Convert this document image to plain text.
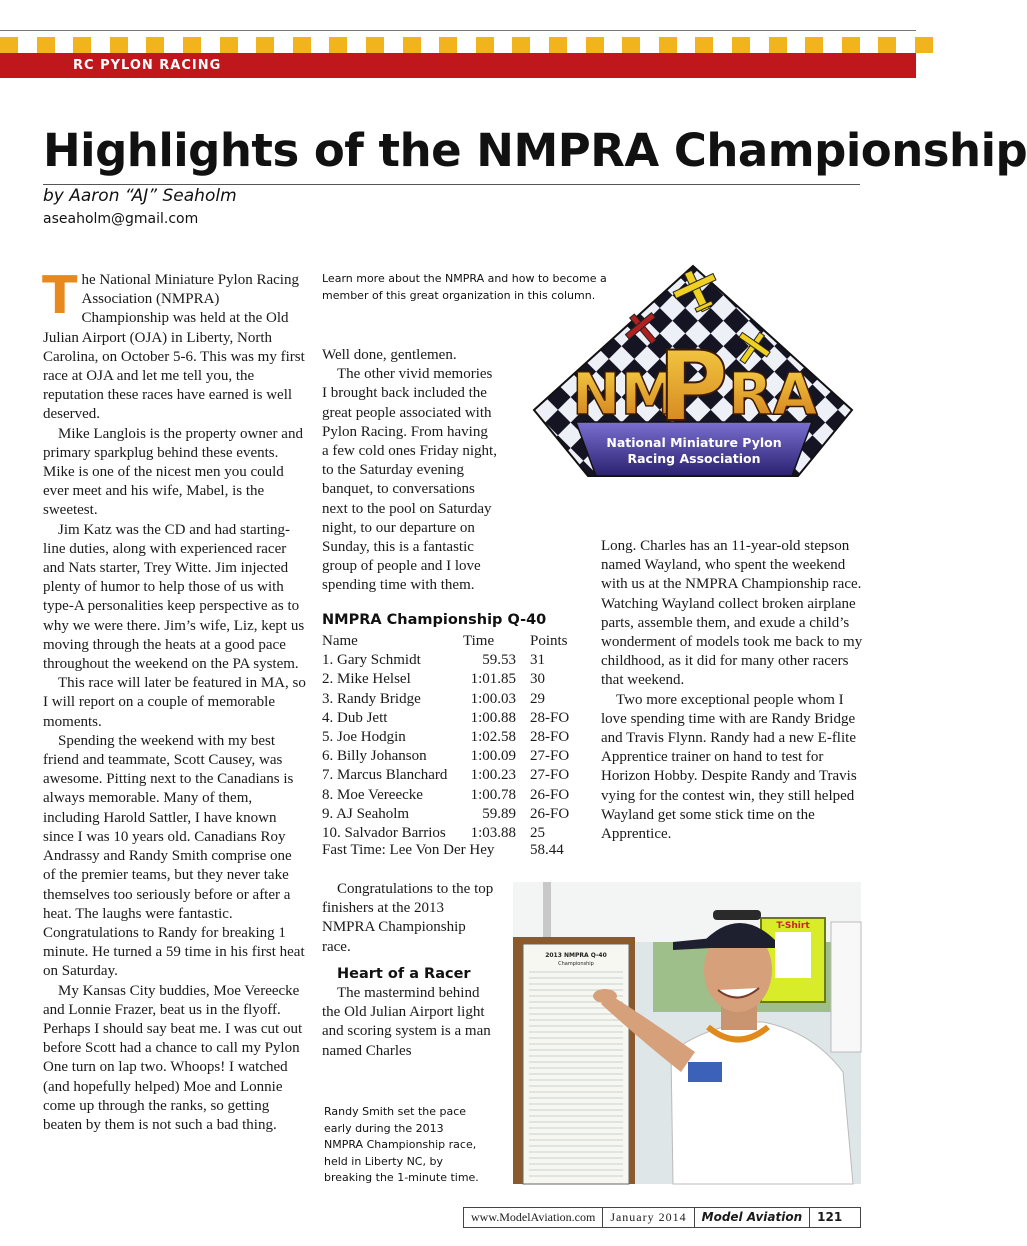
RC PYLON RACING
Highlights of the NMPRA Championship
by Aaron “AJ” Seaholm
aseaholm@gmail.com

The National Miniature Pylon Racing Association (NMPRA) Championship was held at the Old Julian Airport (OJA) in Liberty, North Carolina, on October 5-6. This was my first race at OJA and let me tell you, the reputation these races have earned is well deserved.

Mike Langlois is the property owner and primary sparkplug behind these events. Mike is one of the nicest men you could ever meet and his wife, Mabel, is the sweetest.

Jim Katz was the CD and had starting-line duties, along with experienced racer and Nats starter, Trey Witte. Jim injected plenty of humor to help those of us with type-A personalities keep perspective as to why we were there. Jim’s wife, Liz, kept us moving through the heats at a good pace throughout the weekend on the PA system.

This race will later be featured in MA, so I will report on a couple of memorable moments.

Spending the weekend with my best friend and teammate, Scott Causey, was awesome. Pitting next to the Canadians is always memorable. Many of them, including Harold Sattler, I have known since I was 10 years old. Canadians Roy Andrassy and Randy Smith comprise one of the premier teams, but they never take themselves too seriously before or after a heat. The laughs were fantastic. Congratulations to Randy for breaking 1 minute. He turned a 59 time in his first heat on Saturday.

My Kansas City buddies, Moe Vereecke and Lonnie Frazer, beat us in the flyoff. Perhaps I should say beat me. I was cut out before Scott had a chance to call my Pylon One turn on lap two. Whoops! I watched (and hopefully helped) Moe and Lonnie come up through the ranks, so getting beaten by them is not such a bad thing.

Learn more about the NMPRA and how to become a member of this great organization in this column.
NM
P RA
National Miniature Pylon
Racing Association

Well done, gentlemen.

The other vivid memories I brought back included the great people associated with Pylon Racing. From having a few cold ones Friday night, to the Saturday evening banquet, to conversations next to the pool on Saturday night, to our departure on Sunday, this is a fantastic group of people and I love spending time with them.

NMPRA Championship Q-40
Name	Time	Points
1. Gary Schmidt	59.53	31
2. Mike Helsel	1:01.85	30
3. Randy Bridge	1:00.03	29
4. Dub Jett	1:00.88	28-FO
5. Joe Hodgin	1:02.58	28-FO
6. Billy Johanson	1:00.09	27-FO
7. Marcus Blanchard	1:00.23	27-FO
8. Moe Vereecke	1:00.78	26-FO
9. AJ Seaholm	59.89	26-FO
10. Salvador Barrios	1:03.88	25
Fast Time: Lee Von Der Hey 58.44

Congratulations to the top finishers at the 2013 NMPRA Championship race.

Heart of a Racer

The mastermind behind the Old Julian Airport light and scoring system is a man named Charles

Randy Smith set the pace early during the 2013 NMPRA Championship race, held in Liberty NC, by breaking the 1-minute time.

Long. Charles has an 11-year-old stepson named Wayland, who spent the weekend with us at the NMPRA Championship race. Watching Wayland collect broken airplane parts, assemble them, and exude a child’s wonderment of models took me back to my childhood, as it did for many other racers that weekend.

Two more exceptional people whom I love spending time with are Randy Bridge and Travis Flynn. Randy had a new E-flite Apprentice trainer on hand to test for Horizon Hobby. Despite Randy and Travis vying for the contest win, they still helped Wayland get some stick time on the Apprentice.

2013 NMPRA Q-40
Championship
T-Shirt
www.ModelAviation.com	January 2014	Model Aviation	121
